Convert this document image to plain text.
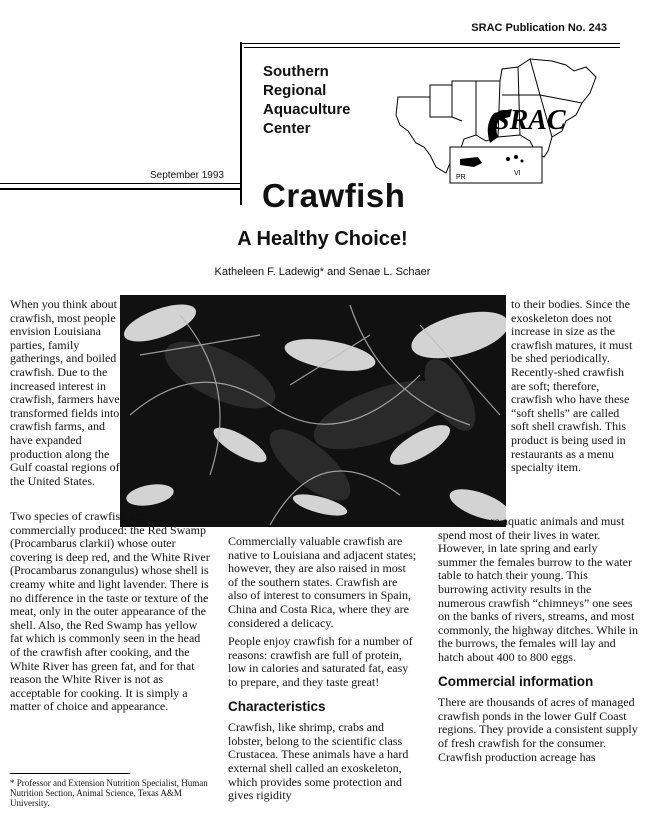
SRAC Publication No. 243
Southern
Regional
Aquaculture
Center	SRAC
PR
VI
September 1993
Crawfish
A Healthy Choice!
Katheleen F. Ladewig* and Senae L. Schaer

When you think about crawfish, most people envision Louisiana parties, family gatherings, and boiled crawfish. Due to the increased interest in crawfish, farmers have transformed fields into crawfish farms, and have expanded production along the Gulf coastal regions of the United States.

Two species of crawfish are commercially produced: the Red Swamp (Procambarus clarkii) whose outer covering is deep red, and the White River (Procambarus zonangulus) whose shell is creamy white and light lavender. There is no difference in the taste or texture of the meat, only in the outer appearance of the shell. Also, the Red Swamp has yellow fat which is commonly seen in the head of the crawfish after cooking, and the White River has green fat, and for that reason the White River is not as acceptable for cooking. It is simply a matter of choice and appearance.

Commercially valuable crawfish are native to Louisiana and adjacent states; however, they are also raised in most of the southern states. Crawfish are also of interest to consumers in Spain, China and Costa Rica, where they are considered a delicacy.

People enjoy crawfish for a number of reasons: crawfish are full of protein, low in calories and saturated fat, easy to prepare, and they taste great!

Characteristics

Crawfish, like shrimp, crabs and lobster, belong to the scientific class Crustacea. These animals have a hard external shell called an exoskeleton, which provides some protection and gives rigidity

to their bodies. Since the exoskeleton does not increase in size as the crawfish matures, it must be shed periodically. Recently-shed crawfish are soft; therefore, crawfish who have these “soft shells” are called soft shell crawfish. This product is being used in restaurants as a menu specialty item.

Crawfish are aquatic animals and must spend most of their lives in water. However, in late spring and early summer the females burrow to the water table to hatch their young. This burrowing activity results in the numerous crawfish “chimneys” one sees on the banks of rivers, streams, and most commonly, the highway ditches. While in the burrows, the females will lay and hatch about 400 to 800 eggs.

Commercial information

There are thousands of acres of managed crawfish ponds in the lower Gulf Coast regions. They provide a consistent supply of fresh crawfish for the consumer. Crawfish production acreage has

* Professor and Extension Nutrition Specialist, Human Nutrition Section, Animal Science, Texas A&M University.
